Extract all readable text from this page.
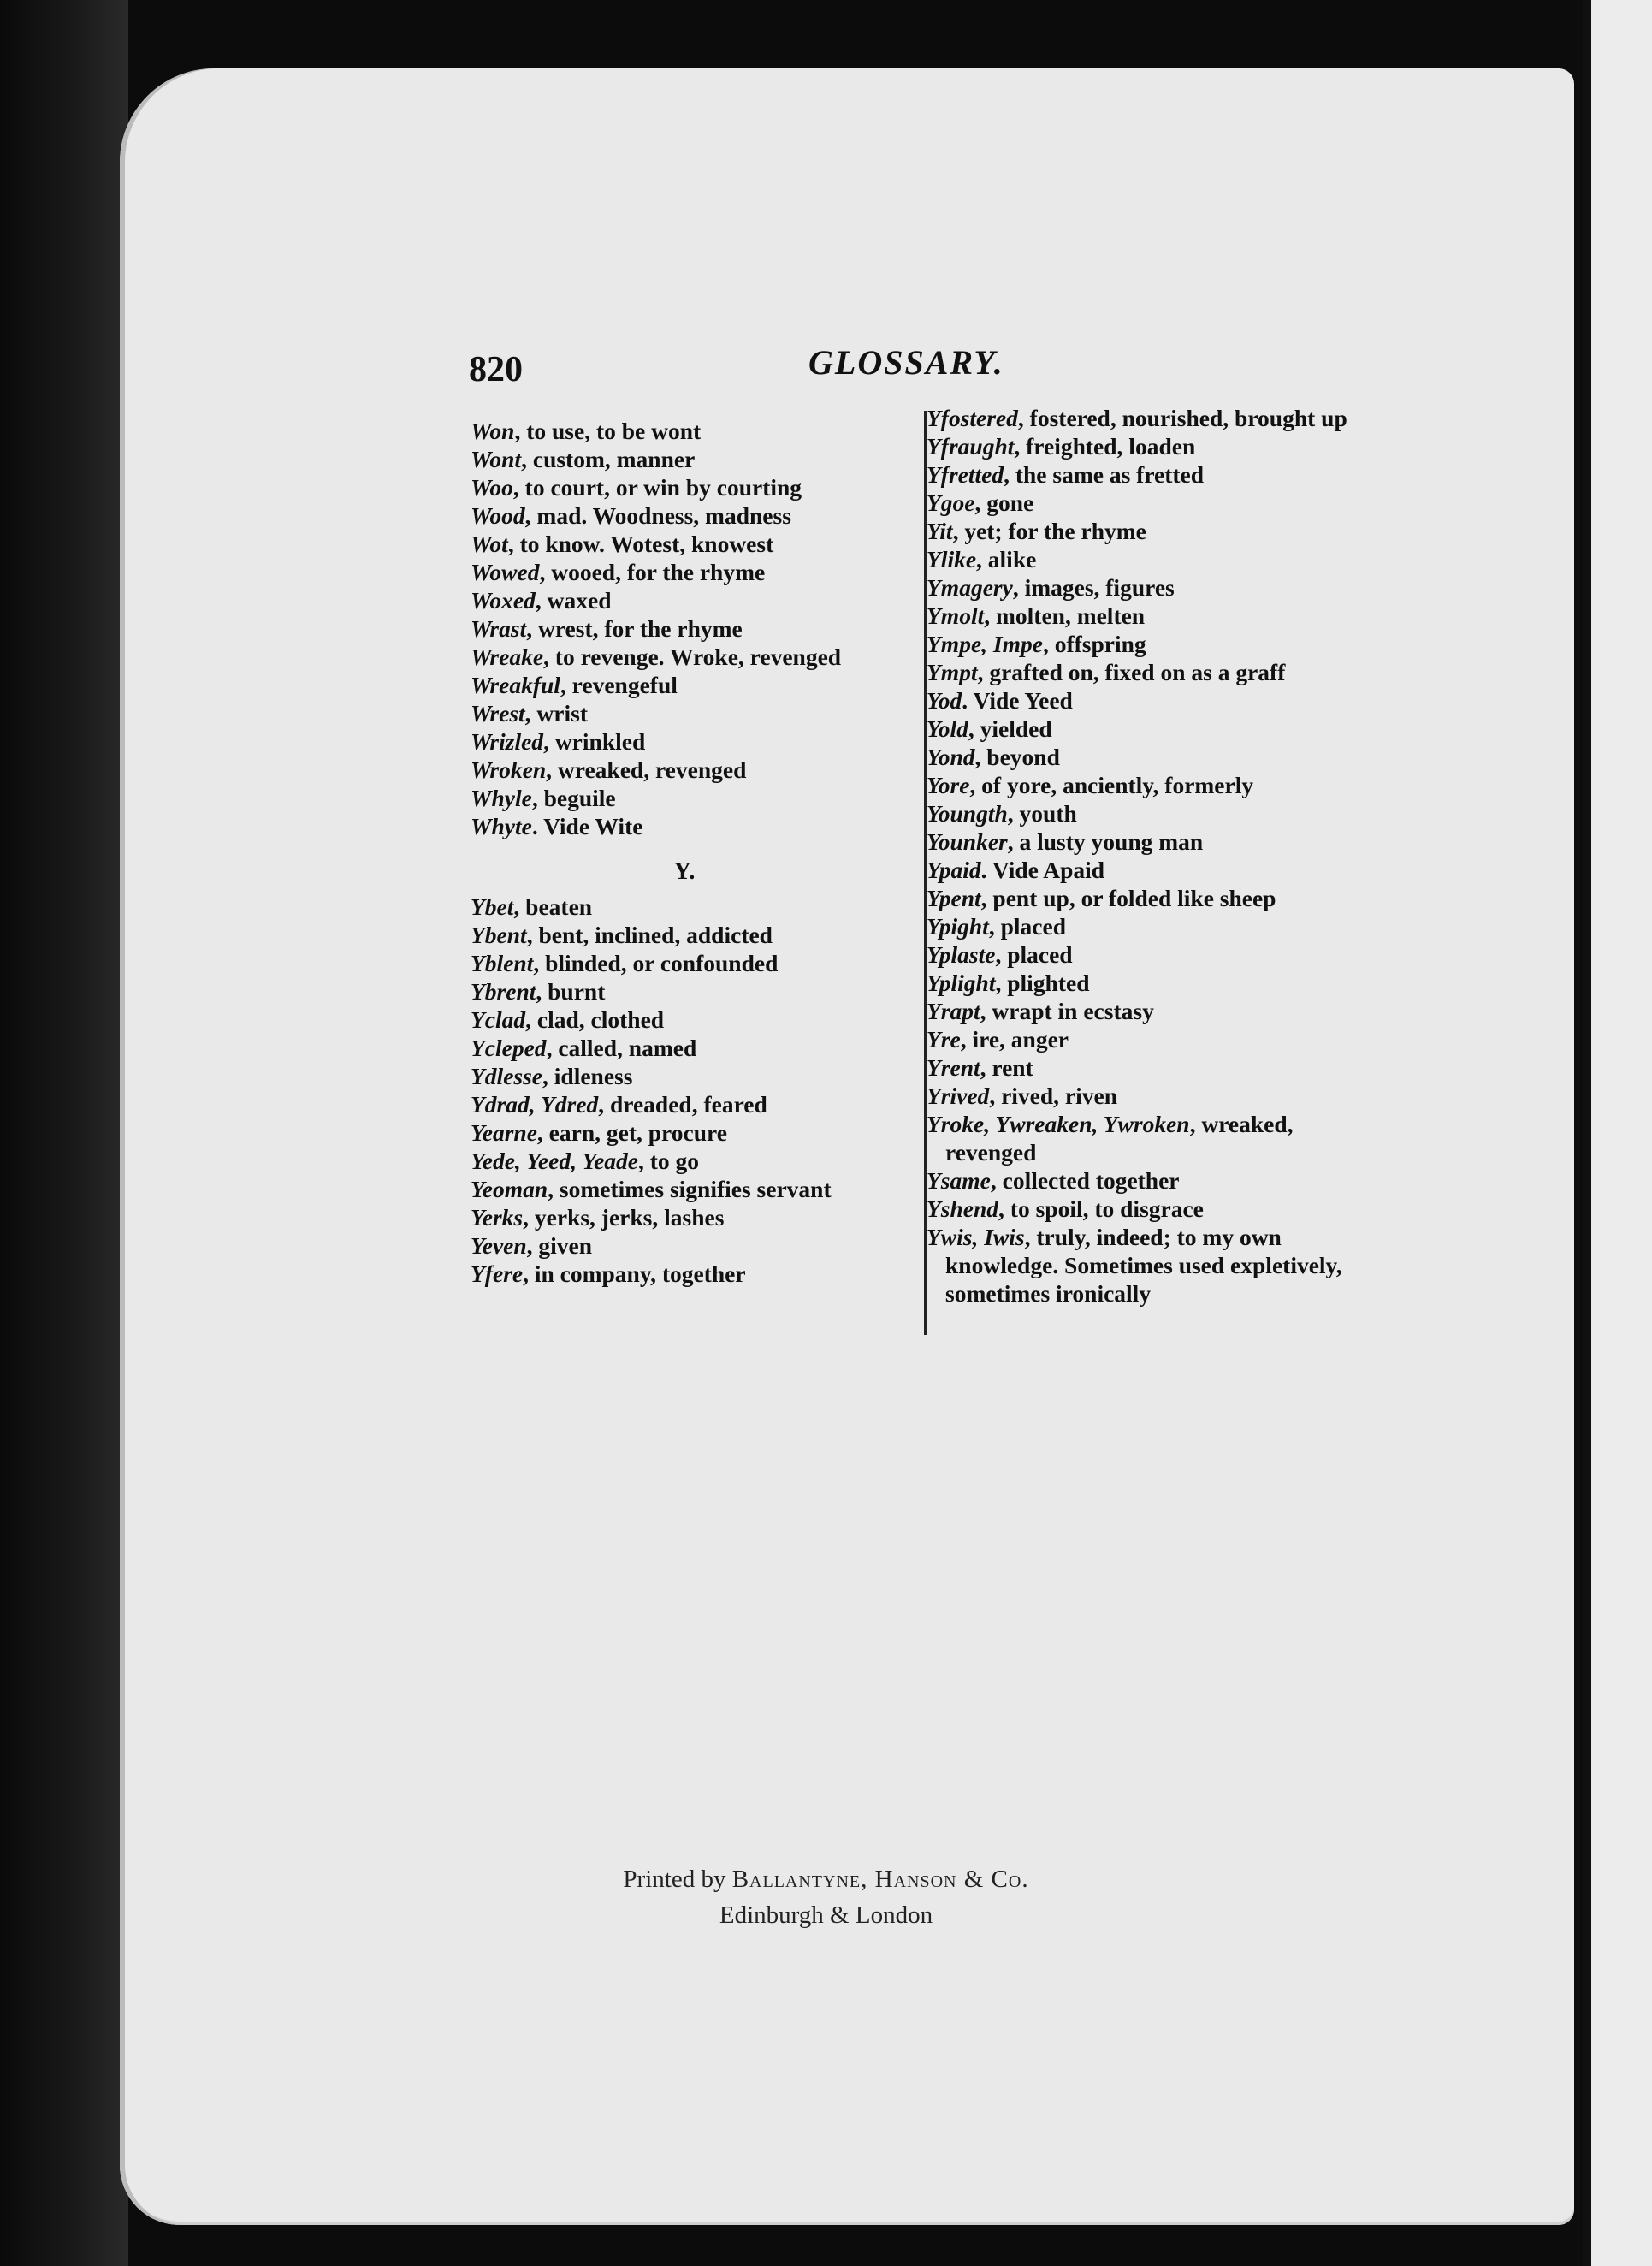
820	GLOSSARY.

Won, to use, to be wont

Wont, custom, manner

Woo, to court, or win by courting

Wood, mad. Woodness, madness

Wot, to know. Wotest, knowest

Wowed, wooed, for the rhyme

Woxed, waxed

Wrast, wrest, for the rhyme

Wreake, to revenge. Wroke, revenged

Wreakful, revengeful

Wrest, wrist

Wrizled, wrinkled

Wroken, wreaked, revenged

Whyle, beguile

Whyte. Vide Wite

Y.

Ybet, beaten

Ybent, bent, inclined, addicted

Yblent, blinded, or confounded

Ybrent, burnt

Yclad, clad, clothed

Ycleped, called, named

Ydlesse, idleness

Ydrad, Ydred, dreaded, feared

Yearne, earn, get, procure

Yede, Yeed, Yeade, to go

Yeoman, sometimes signifies servant

Yerks, yerks, jerks, lashes

Yeven, given

Yfere, in company, together

Yfostered, fostered, nourished, brought up

Yfraught, freighted, loaden

Yfretted, the same as fretted

Ygoe, gone

Yit, yet; for the rhyme

Ylike, alike

Ymagery, images, figures

Ymolt, molten, melten

Ympe, Impe, offspring

Ympt, grafted on, fixed on as a graff

Yod. Vide Yeed

Yold, yielded

Yond, beyond

Yore, of yore, anciently, formerly

Youngth, youth

Younker, a lusty young man

Ypaid. Vide Apaid

Ypent, pent up, or folded like sheep

Ypight, placed

Yplaste, placed

Yplight, plighted

Yrapt, wrapt in ecstasy

Yre, ire, anger

Yrent, rent

Yrived, rived, riven

Yroke, Ywreaken, Ywroken, wreaked, revenged

Ysame, collected together

Yshend, to spoil, to disgrace

Ywis, Iwis, truly, indeed; to my own knowledge. Sometimes used expletively, sometimes ironically

Printed by Ballantyne, Hanson & Co.
Edinburgh & London
